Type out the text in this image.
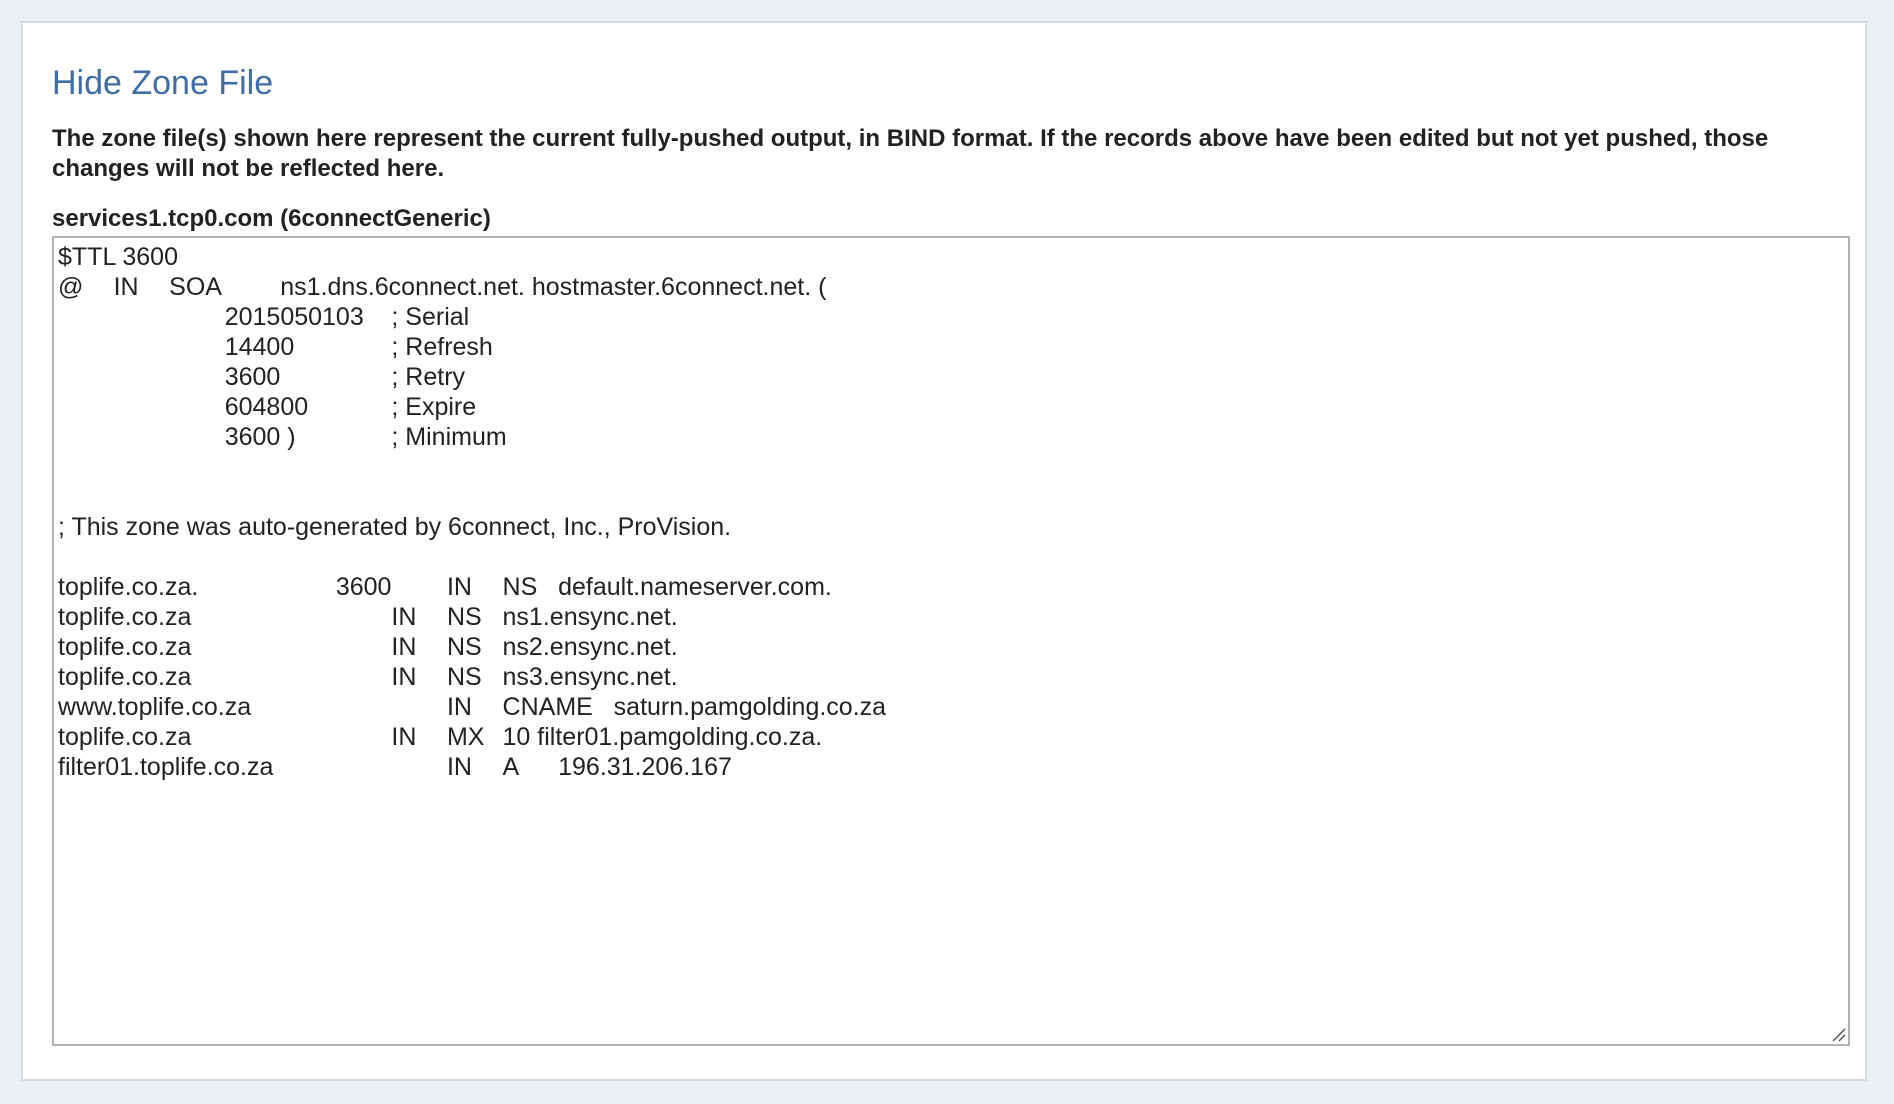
Hide Zone File

The zone file(s) shown here represent the current fully-pushed output, in BIND format. If the records above have been edited but not yet pushed, those changes will not be reflected here.

services1.tcp0.com (6connectGeneric)
$TTL 3600 @ IN SOA ns1.dns.6connect.net. hostmaster.6connect.net. ( 2015050103 ; Serial 14400 ; Refresh 3600 ; Retry 604800 ; Expire 3600 ) ; Minimum ; This zone was auto-generated by 6connect, Inc., ProVision. toplife.co.za. 3600 IN NS default.nameserver.com. toplife.co.za IN NS ns1.ensync.net. toplife.co.za IN NS ns2.ensync.net. toplife.co.za IN NS ns3.ensync.net. www.toplife.co.za IN CNAME saturn.pamgolding.co.za toplife.co.za IN MX 10 filter01.pamgolding.co.za. filter01.toplife.co.za IN A 196.31.206.167
